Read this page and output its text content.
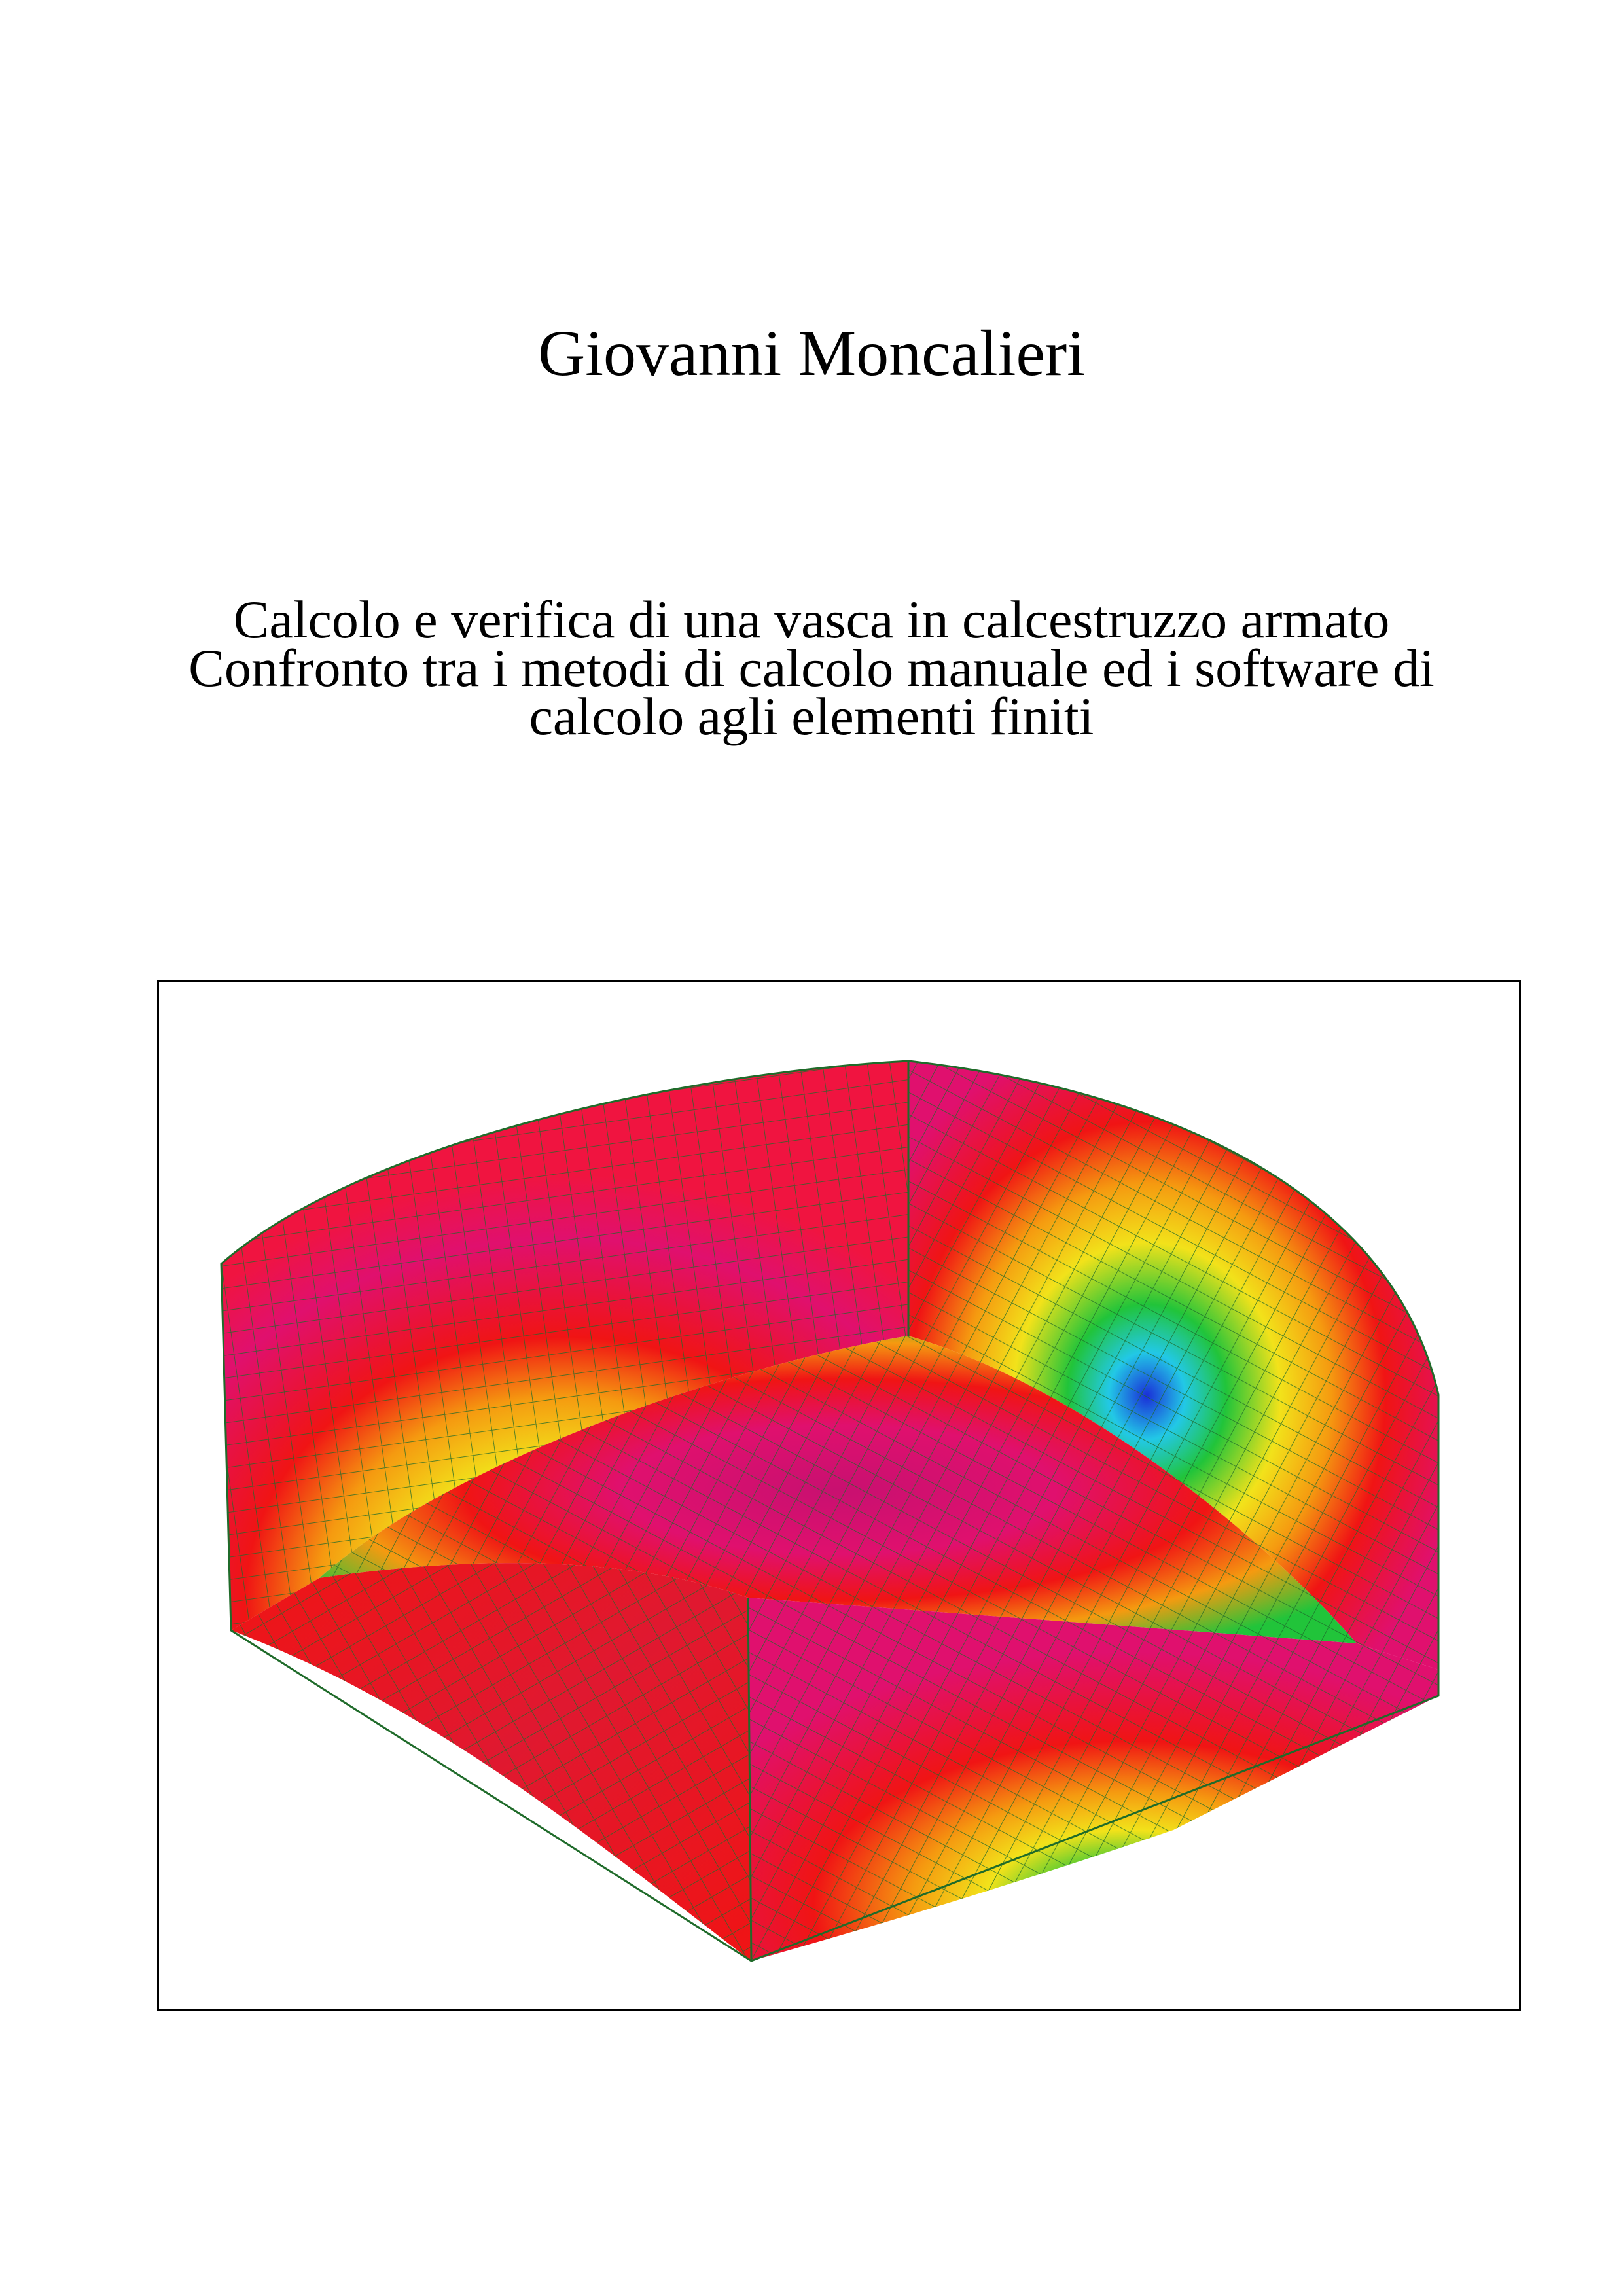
Giovanni Moncalieri
Calcolo e verifica di una vasca in calcestruzzo armato
Confronto tra i metodi di calcolo manuale ed i software di
calcolo agli elementi finiti
